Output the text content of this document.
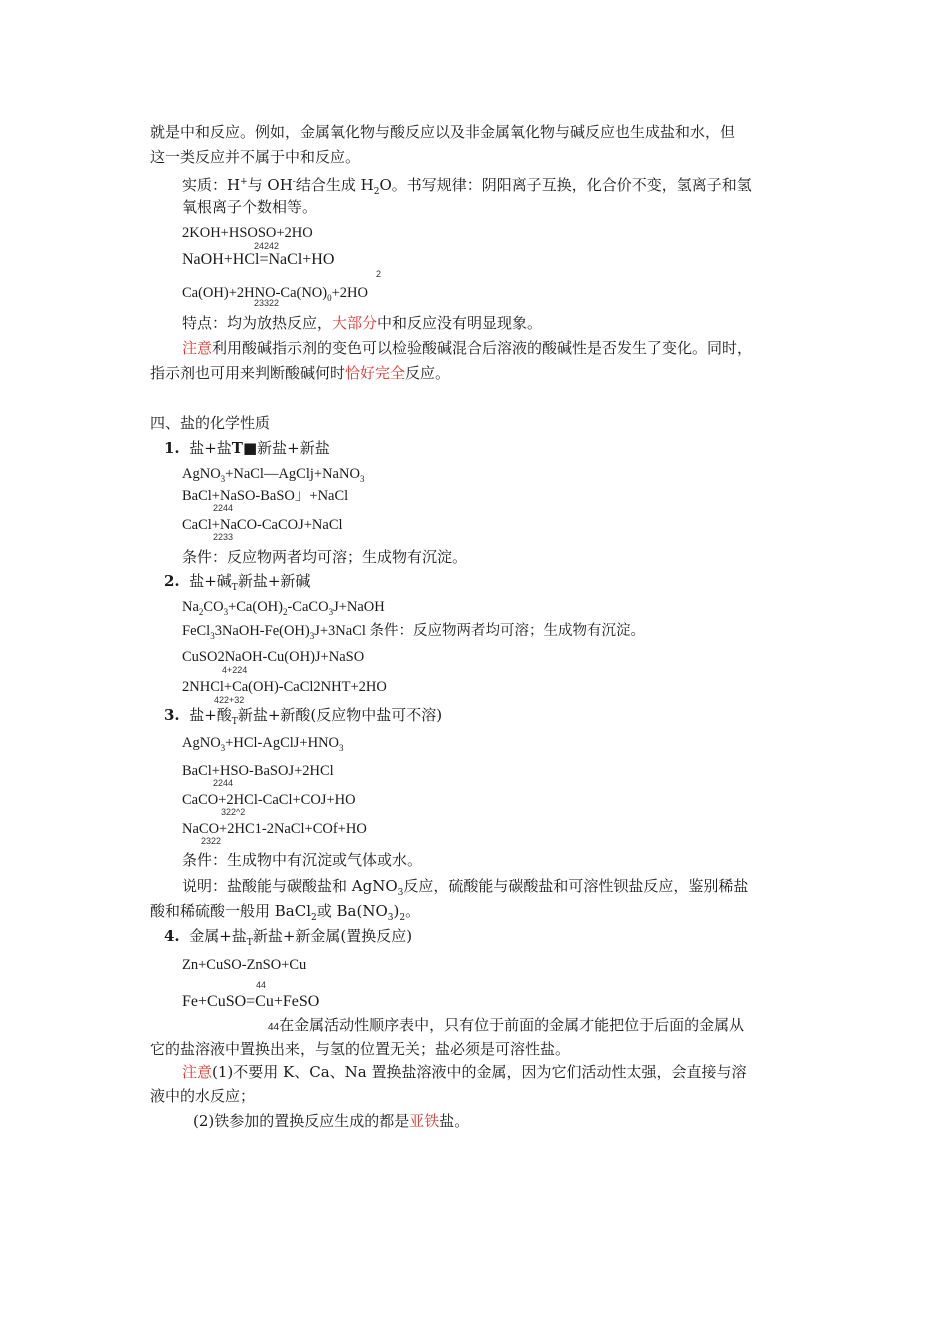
就是中和反应。例如，金属氧化物与酸反应以及非金属氧化物与碱反应也生成盐和水，但
这一类反应并不属于中和反应。
实质：H+与 OH-结合生成 $H_2O$。书写规律：阴阳离子互换，化合价不变，氢离子和氢
氧根离子个数相等。
2KOH+HSOSO+2HO
24242
NaOH+HCl=NaCl+HO
2
$Ca(OH)+2HNO-Ca(NO)_0+2HO$
23322
特点：均为放热反应，大部分中和反应没有明显现象。
注意利用酸碱指示剂的变色可以检验酸碱混合后溶液的酸碱性是否发生了变化。同时，
指示剂也可用来判断酸碱何时恰好完全反应。
四、盐的化学性质
1. 盐+盐T■新盐+新盐
AgNO$_3$+NaCl—AgClj+NaNO$_3$
BaCl+NaSO-BaSO」+NaCl
2244
CaCl+NaCO-CaCOJ+NaCl
2233
条件：反应物两者均可溶；生成物有沉淀。
2. 盐+碱$_T$新盐+新碱
$Na_2CO_3+Ca(OH)_2-CaCO_3J+NaOH$
$FeCl_33NaOH-Fe(OH)_3J+3NaCl$ 条件：反应物两者均可溶；生成物有沉淀。
CuSO2NaOH-Cu(OH)J+NaSO
4+224
2NHCl+Ca(OH)-CaCl2NHT+2HO
422+32
3. 盐+酸$_T$新盐+新酸(反应物中盐可不溶)
$AgNO_3+HCl-AgClJ+HNO_3$
BaCl+HSO-BaSOJ+2HCl
2244
CaCO+2HCl-CaCl+COJ+HO
322^2
NaCO+2HC1-2NaCl+COf+HO
2322
条件：生成物中有沉淀或气体或水。
说明：盐酸能与碳酸盐和 AgNO$_3$反应，硫酸能与碳酸盐和可溶性钡盐反应，鉴别稀盐
酸和稀硫酸一般用 BaCl$_2$或 $Ba(NO_3)_2$。
4. 金属+盐$_T$新盐+新金属(置换反应)
Zn+CuSO-ZnSO+Cu
44
Fe+CuSO=Cu+FeSO
44在金属活动性顺序表中，只有位于前面的金属才能把位于后面的金属从
它的盐溶液中置换出来，与氢的位置无关；盐必须是可溶性盐。
注意(1)不要用 K、Ca、Na 置换盐溶液中的金属，因为它们活动性太强，会直接与溶
液中的水反应；
(2)铁参加的置换反应生成的都是亚铁盐。
